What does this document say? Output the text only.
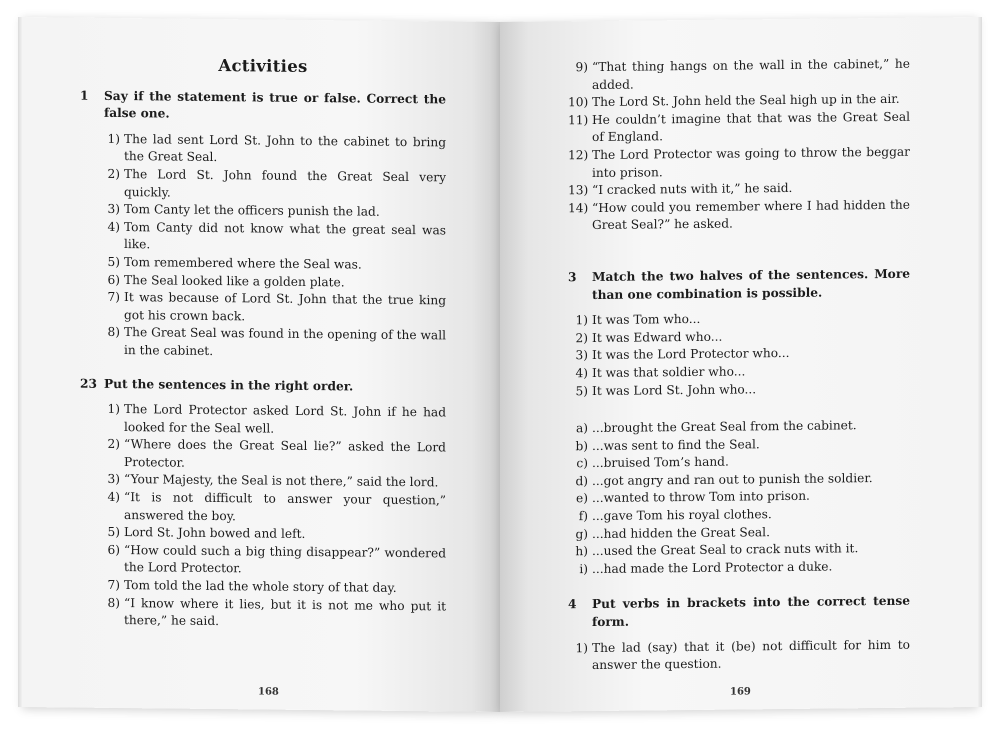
Activities
1	Say if the statement is true or false. Correct the false one.
1) The lad sent Lord St. John to the cabinet to bring the Great Seal.
2) The Lord St. John found the Great Seal very quickly.
3) Tom Canty let the officers punish the lad.
4) Tom Canty did not know what the great seal was like.
5) Tom remembered where the Seal was.
6) The Seal looked like a golden plate.
7) It was because of Lord St. John that the true king got his crown back.
8) The Great Seal was found in the opening of the wall in the cabinet.
23 Put the sentences in the right order.
1) The Lord Protector asked Lord St. John if he had looked for the Seal well.
2) “Where does the Great Seal lie?” asked the Lord Protector.
3) “Your Majesty, the Seal is not there,” said the lord.
4) “It is not difficult to answer your question,” answered the boy.
5) Lord St. John bowed and left.
6) “How could such a big thing disappear?” wondered the Lord Protector.
7) Tom told the lad the whole story of that day.
8) “I know where it lies, but it is not me who put it there,” he said.
168
9) “That thing hangs on the wall in the cabinet,” he added.
10) The Lord St. John held the Seal high up in the air.
11) He couldn’t imagine that that was the Great Seal of England.
12) The Lord Protector was going to throw the beggar into prison.
13) “I cracked nuts with it,” he said.
14) “How could you remember where I had hidden the Great Seal?” he asked.
3	Match the two halves of the sentences. More than one combination is possible.
1) It was Tom who...
2) It was Edward who...
3) It was the Lord Protector who...
4) It was that soldier who...
5) It was Lord St. John who...
a) ...brought the Great Seal from the cabinet.
b) ...was sent to find the Seal.
c) ...bruised Tom’s hand.
d) ...got angry and ran out to punish the soldier.
e) ...wanted to throw Tom into prison.
f) ...gave Tom his royal clothes.
g) ...had hidden the Great Seal.
h) ...used the Great Seal to crack nuts with it.
i) ...had made the Lord Protector a duke.
4	Put verbs in brackets into the correct tense form.
1) The lad (say) that it (be) not difficult for him to answer the question.
169
